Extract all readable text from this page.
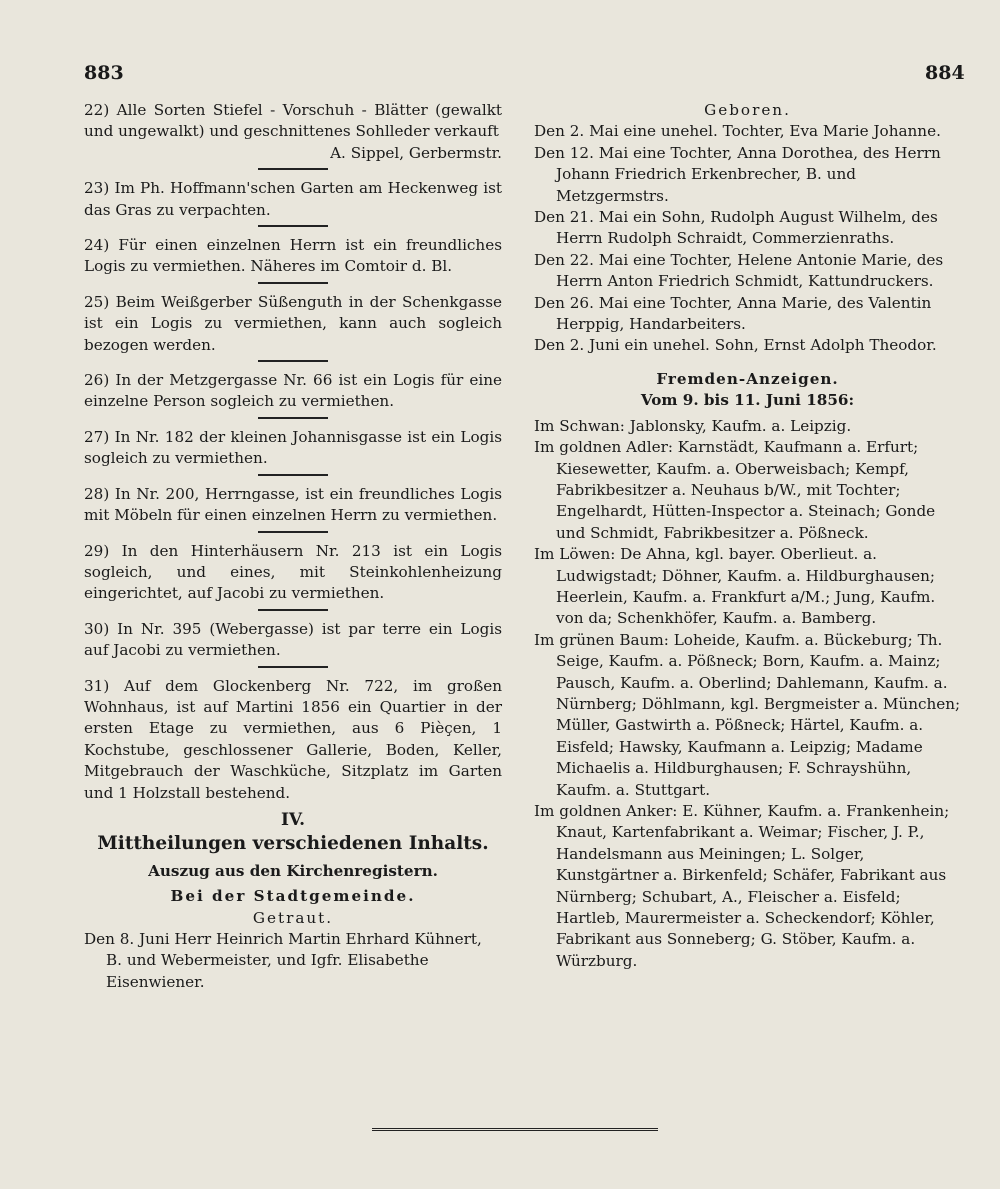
883	884

22) Alle Sorten Stiefel - Vorschuh - Blätter (gewalkt und ungewalkt) und geschnittenes Sohlleder verkauft

A. Sippel, Gerbermstr.

23) Im Ph. Hoffmann'schen Garten am Heckenweg ist das Gras zu verpachten.

24) Für einen einzelnen Herrn ist ein freundliches Logis zu vermiethen. Näheres im Comtoir d. Bl.

25) Beim Weißgerber Süßenguth in der Schenkgasse ist ein Logis zu vermiethen, kann auch sogleich bezogen werden.

26) In der Metzgergasse Nr. 66 ist ein Logis für eine einzelne Person sogleich zu vermiethen.

27) In Nr. 182 der kleinen Johannisgasse ist ein Logis sogleich zu vermiethen.

28) In Nr. 200, Herrngasse, ist ein freundliches Logis mit Möbeln für einen einzelnen Herrn zu vermiethen.

29) In den Hinterhäusern Nr. 213 ist ein Logis sogleich, und eines, mit Steinkohlenheizung eingerichtet, auf Jacobi zu vermiethen.

30) In Nr. 395 (Webergasse) ist par terre ein Logis auf Jacobi zu vermiethen.

31) Auf dem Glockenberg Nr. 722, im großen Wohnhaus, ist auf Martini 1856 ein Quartier in der ersten Etage zu vermiethen, aus 6 Pièçen, 1 Kochstube, geschlossener Gallerie, Boden, Keller, Mitgebrauch der Waschküche, Sitzplatz im Garten und 1 Holzstall bestehend.

IV.

Mittheilungen verschiedenen Inhalts.

Auszug aus den Kirchenregistern.

Bei der Stadtgemeinde.

Getraut.

Den 8. Juni Herr Heinrich Martin Ehrhard Kühnert, B. und Webermeister, und Igfr. Elisabethe Eisenwiener.

Geboren.

Den 2. Mai eine unehel. Tochter, Eva Marie Johanne.

Den 12. Mai eine Tochter, Anna Dorothea, des Herrn Johann Friedrich Erkenbrecher, B. und Metzgermstrs.

Den 21. Mai ein Sohn, Rudolph August Wilhelm, des Herrn Rudolph Schraidt, Commerzienraths.

Den 22. Mai eine Tochter, Helene Antonie Marie, des Herrn Anton Friedrich Schmidt, Kattundruckers.

Den 26. Mai eine Tochter, Anna Marie, des Valentin Herppig, Handarbeiters.

Den 2. Juni ein unehel. Sohn, Ernst Adolph Theodor.

Fremden-Anzeigen.

Vom 9. bis 11. Juni 1856:

Im Schwan: Jablonsky, Kaufm. a. Leipzig.

Im goldnen Adler: Karnstädt, Kaufmann a. Erfurt; Kiesewetter, Kaufm. a. Oberweisbach; Kempf, Fabrikbesitzer a. Neuhaus b/W., mit Tochter; Engelhardt, Hütten-Inspector a. Steinach; Gonde und Schmidt, Fabrikbesitzer a. Pößneck.

Im Löwen: De Ahna, kgl. bayer. Oberlieut. a. Ludwigstadt; Döhner, Kaufm. a. Hildburghausen; Heerlein, Kaufm. a. Frankfurt a/M.; Jung, Kaufm. von da; Schenkhöfer, Kaufm. a. Bamberg.

Im grünen Baum: Loheide, Kaufm. a. Bückeburg; Th. Seige, Kaufm. a. Pößneck; Born, Kaufm. a. Mainz; Pausch, Kaufm. a. Oberlind; Dahlemann, Kaufm. a. Nürnberg; Döhlmann, kgl. Bergmeister a. München; Müller, Gastwirth a. Pößneck; Härtel, Kaufm. a. Eisfeld; Hawsky, Kaufmann a. Leipzig; Madame Michaelis a. Hildburghausen; F. Schrayshühn, Kaufm. a. Stuttgart.

Im goldnen Anker: E. Kühner, Kaufm. a. Frankenhein; Knaut, Kartenfabrikant a. Weimar; Fischer, J. P., Handelsmann aus Meiningen; L. Solger, Kunstgärtner a. Birkenfeld; Schäfer, Fabrikant aus Nürnberg; Schubart, A., Fleischer a. Eisfeld; Hartleb, Maurermeister a. Scheckendorf; Köhler, Fabrikant aus Sonneberg; G. Stöber, Kaufm. a. Würzburg.
